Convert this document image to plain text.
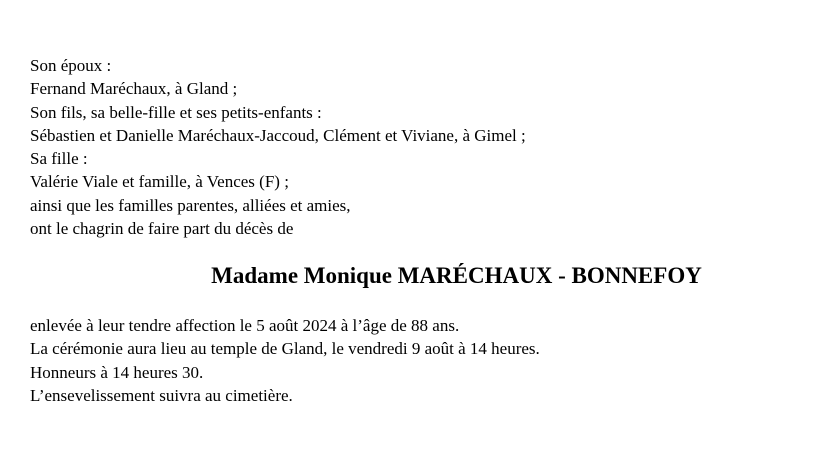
Son époux :
Fernand Maréchaux, à Gland ;
Son fils, sa belle-fille et ses petits-enfants :
Sébastien et Danielle Maréchaux-Jaccoud, Clément et Viviane, à Gimel ;
Sa fille :
Valérie Viale et famille, à Vences (F) ;
ainsi que les familles parentes, alliées et amies,
ont le chagrin de faire part du décès de
Madame Monique MARÉCHAUX - BONNEFOY
enlevée à leur tendre affection le 5 août 2024 à l’âge de 88 ans.
La cérémonie aura lieu au temple de Gland, le vendredi 9 août à 14 heures.
Honneurs à 14 heures 30.
L’ensevelissement suivra au cimetière.
